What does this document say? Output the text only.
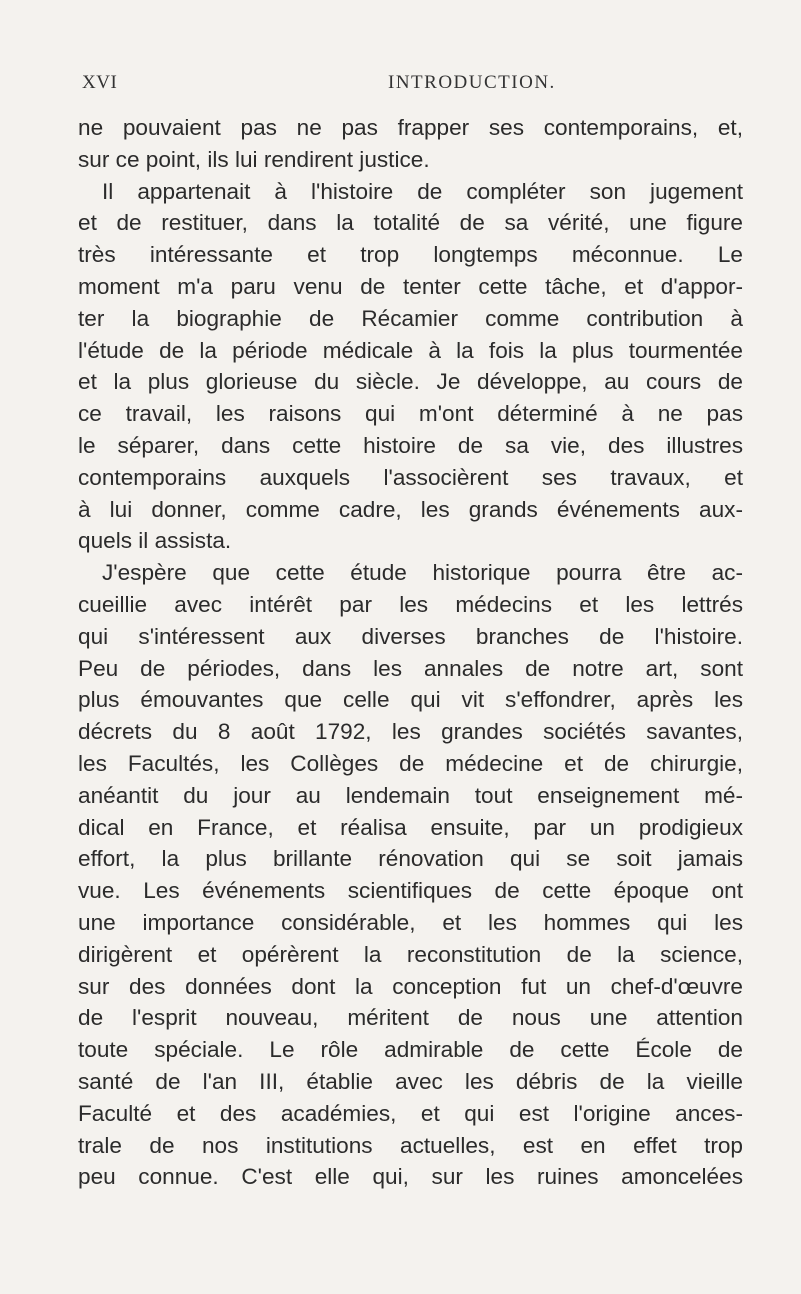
XVI	INTRODUCTION.
ne pouvaient pas ne pas frapper ses contemporains, et,
sur ce point, ils lui rendirent justice.
Il appartenait à l'histoire de compléter son jugement
et de restituer, dans la totalité de sa vérité, une figure
très intéressante et trop longtemps méconnue. Le
moment m'a paru venu de tenter cette tâche, et d'appor-
ter la biographie de Récamier comme contribution à
l'étude de la période médicale à la fois la plus tourmentée
et la plus glorieuse du siècle. Je développe, au cours de
ce travail, les raisons qui m'ont déterminé à ne pas
le séparer, dans cette histoire de sa vie, des illustres
contemporains auxquels l'associèrent ses travaux, et
à lui donner, comme cadre, les grands événements aux-
quels il assista.
J'espère que cette étude historique pourra être ac-
cueillie avec intérêt par les médecins et les lettrés
qui s'intéressent aux diverses branches de l'histoire.
Peu de périodes, dans les annales de notre art, sont
plus émouvantes que celle qui vit s'effondrer, après les
décrets du 8 août 1792, les grandes sociétés savantes,
les Facultés, les Collèges de médecine et de chirurgie,
anéantit du jour au lendemain tout enseignement mé-
dical en France, et réalisa ensuite, par un prodigieux
effort, la plus brillante rénovation qui se soit jamais
vue. Les événements scientifiques de cette époque ont
une importance considérable, et les hommes qui les
dirigèrent et opérèrent la reconstitution de la science,
sur des données dont la conception fut un chef-d'œuvre
de l'esprit nouveau, méritent de nous une attention
toute spéciale. Le rôle admirable de cette École de
santé de l'an III, établie avec les débris de la vieille
Faculté et des académies, et qui est l'origine ances-
trale de nos institutions actuelles, est en effet trop
peu connue. C'est elle qui, sur les ruines amoncelées
